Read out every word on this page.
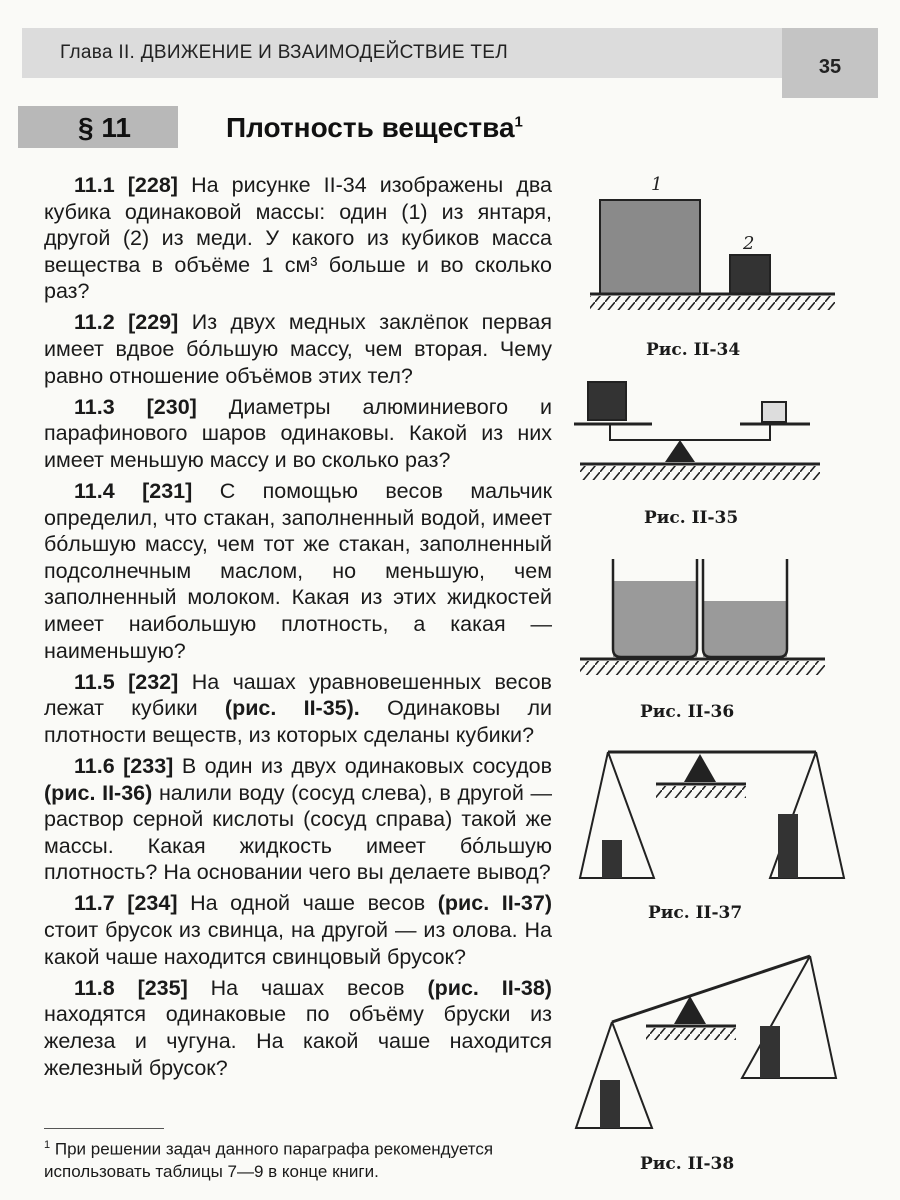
Глава II. ДВИЖЕНИЕ И ВЗАИМОДЕЙСТВИЕ ТЕЛ
35
§ 11	Плотность вещества$^1$

11.1 [228] На рисунке II-34 изображены два кубика одинаковой массы: один (1) из янтаря, другой (2) из меди. У какого из кубиков масса вещества в объёме 1 см³ больше и во сколько раз?

11.2 [229] Из двух медных заклёпок первая имеет вдвое бóльшую массу, чем вторая. Чему равно отношение объёмов этих тел?

11.3 [230] Диаметры алюминиевого и парафинового шаров одинаковы. Какой из них имеет меньшую массу и во сколько раз?

11.4 [231] С помощью весов мальчик определил, что стакан, заполненный водой, имеет бóльшую массу, чем тот же стакан, заполненный подсолнечным маслом, но меньшую, чем заполненный молоком. Какая из этих жидкостей имеет наибольшую плотность, а какая — наименьшую?

11.5 [232] На чашах уравновешенных весов лежат кубики (рис. II-35). Одинаковы ли плотности веществ, из которых сделаны кубики?

11.6 [233] В один из двух одинаковых сосудов (рис. II-36) налили воду (сосуд слева), в другой — раствор серной кислоты (сосуд справа) такой же массы. Какая жидкость имеет бóльшую плотность? На основании чего вы делаете вывод?

11.7 [234] На одной чаше весов (рис. II-37) стоит брусок из свинца, на другой — из олова. На какой чаше находится свинцовый брусок?

11.8 [235] На чашах весов (рис. II-38) находятся одинаковые по объёму бруски из железа и чугуна. На какой чаше находится железный брусок?

$^1$ При решении задач данного параграфа рекомендуется использовать таблицы 7—9 в конце книги.
1
2
Рис. II-34
Рис. II-35
Рис. II-36
Рис. II-37
Рис. II-38
